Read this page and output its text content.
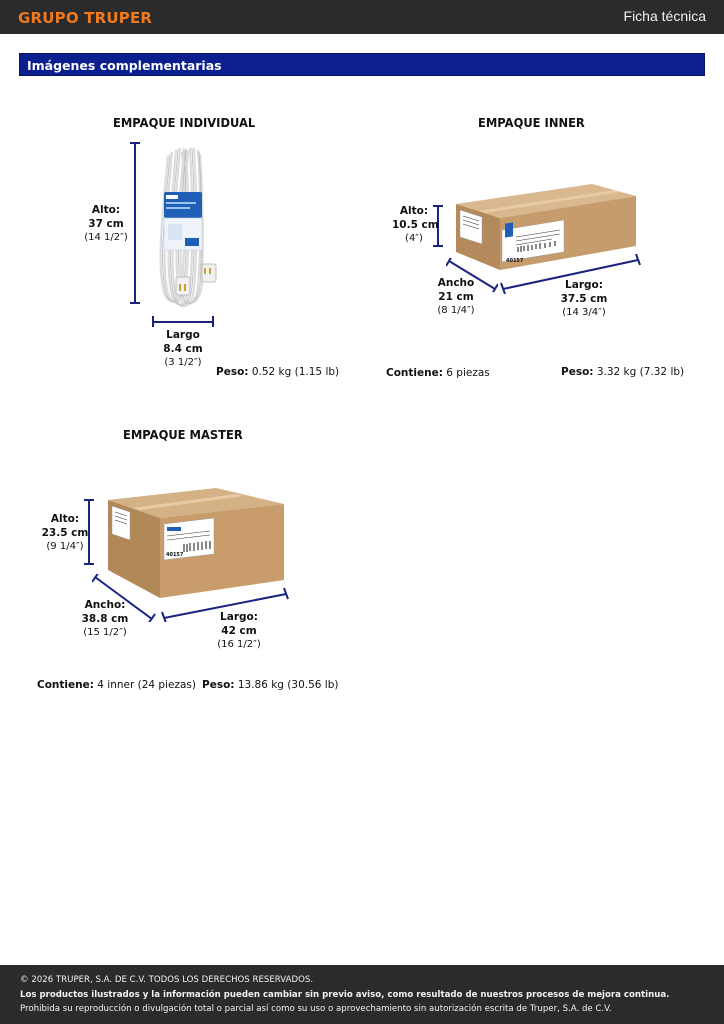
GRUPO TRUPER	Ficha técnica
Imágenes complementarias
EMPAQUE INDIVIDUAL
Alto:
37 cm
(14 1/2″)
Largo
8.4 cm
(3 1/2″)
Peso: 0.52 kg (1.15 lb)
EMPAQUE INNER
Alto:
10.5 cm
(4″)
40157
Ancho
21 cm
(8 1/4″)
Largo:
37.5 cm
(14 3/4″)
Contiene: 6 piezas	Peso: 3.32 kg (7.32 lb)
EMPAQUE MASTER
Alto:
23.5 cm
(9 1/4″)
40157
Ancho:
38.8 cm
(15 1/2″)
Largo:
42 cm
(16 1/2″)
Contiene: 4 inner (24 piezas) Peso: 13.86 kg (30.56 lb)

© 2026 TRUPER, S.A. DE C.V. TODOS LOS DERECHOS RESERVADOS.

Los productos ilustrados y la información pueden cambiar sin previo aviso, como resultado de nuestros procesos de mejora continua.

Prohibida su reproducción o divulgación total o parcial así como su uso o aprovechamiento sin autorización escrita de Truper, S.A. de C.V.
